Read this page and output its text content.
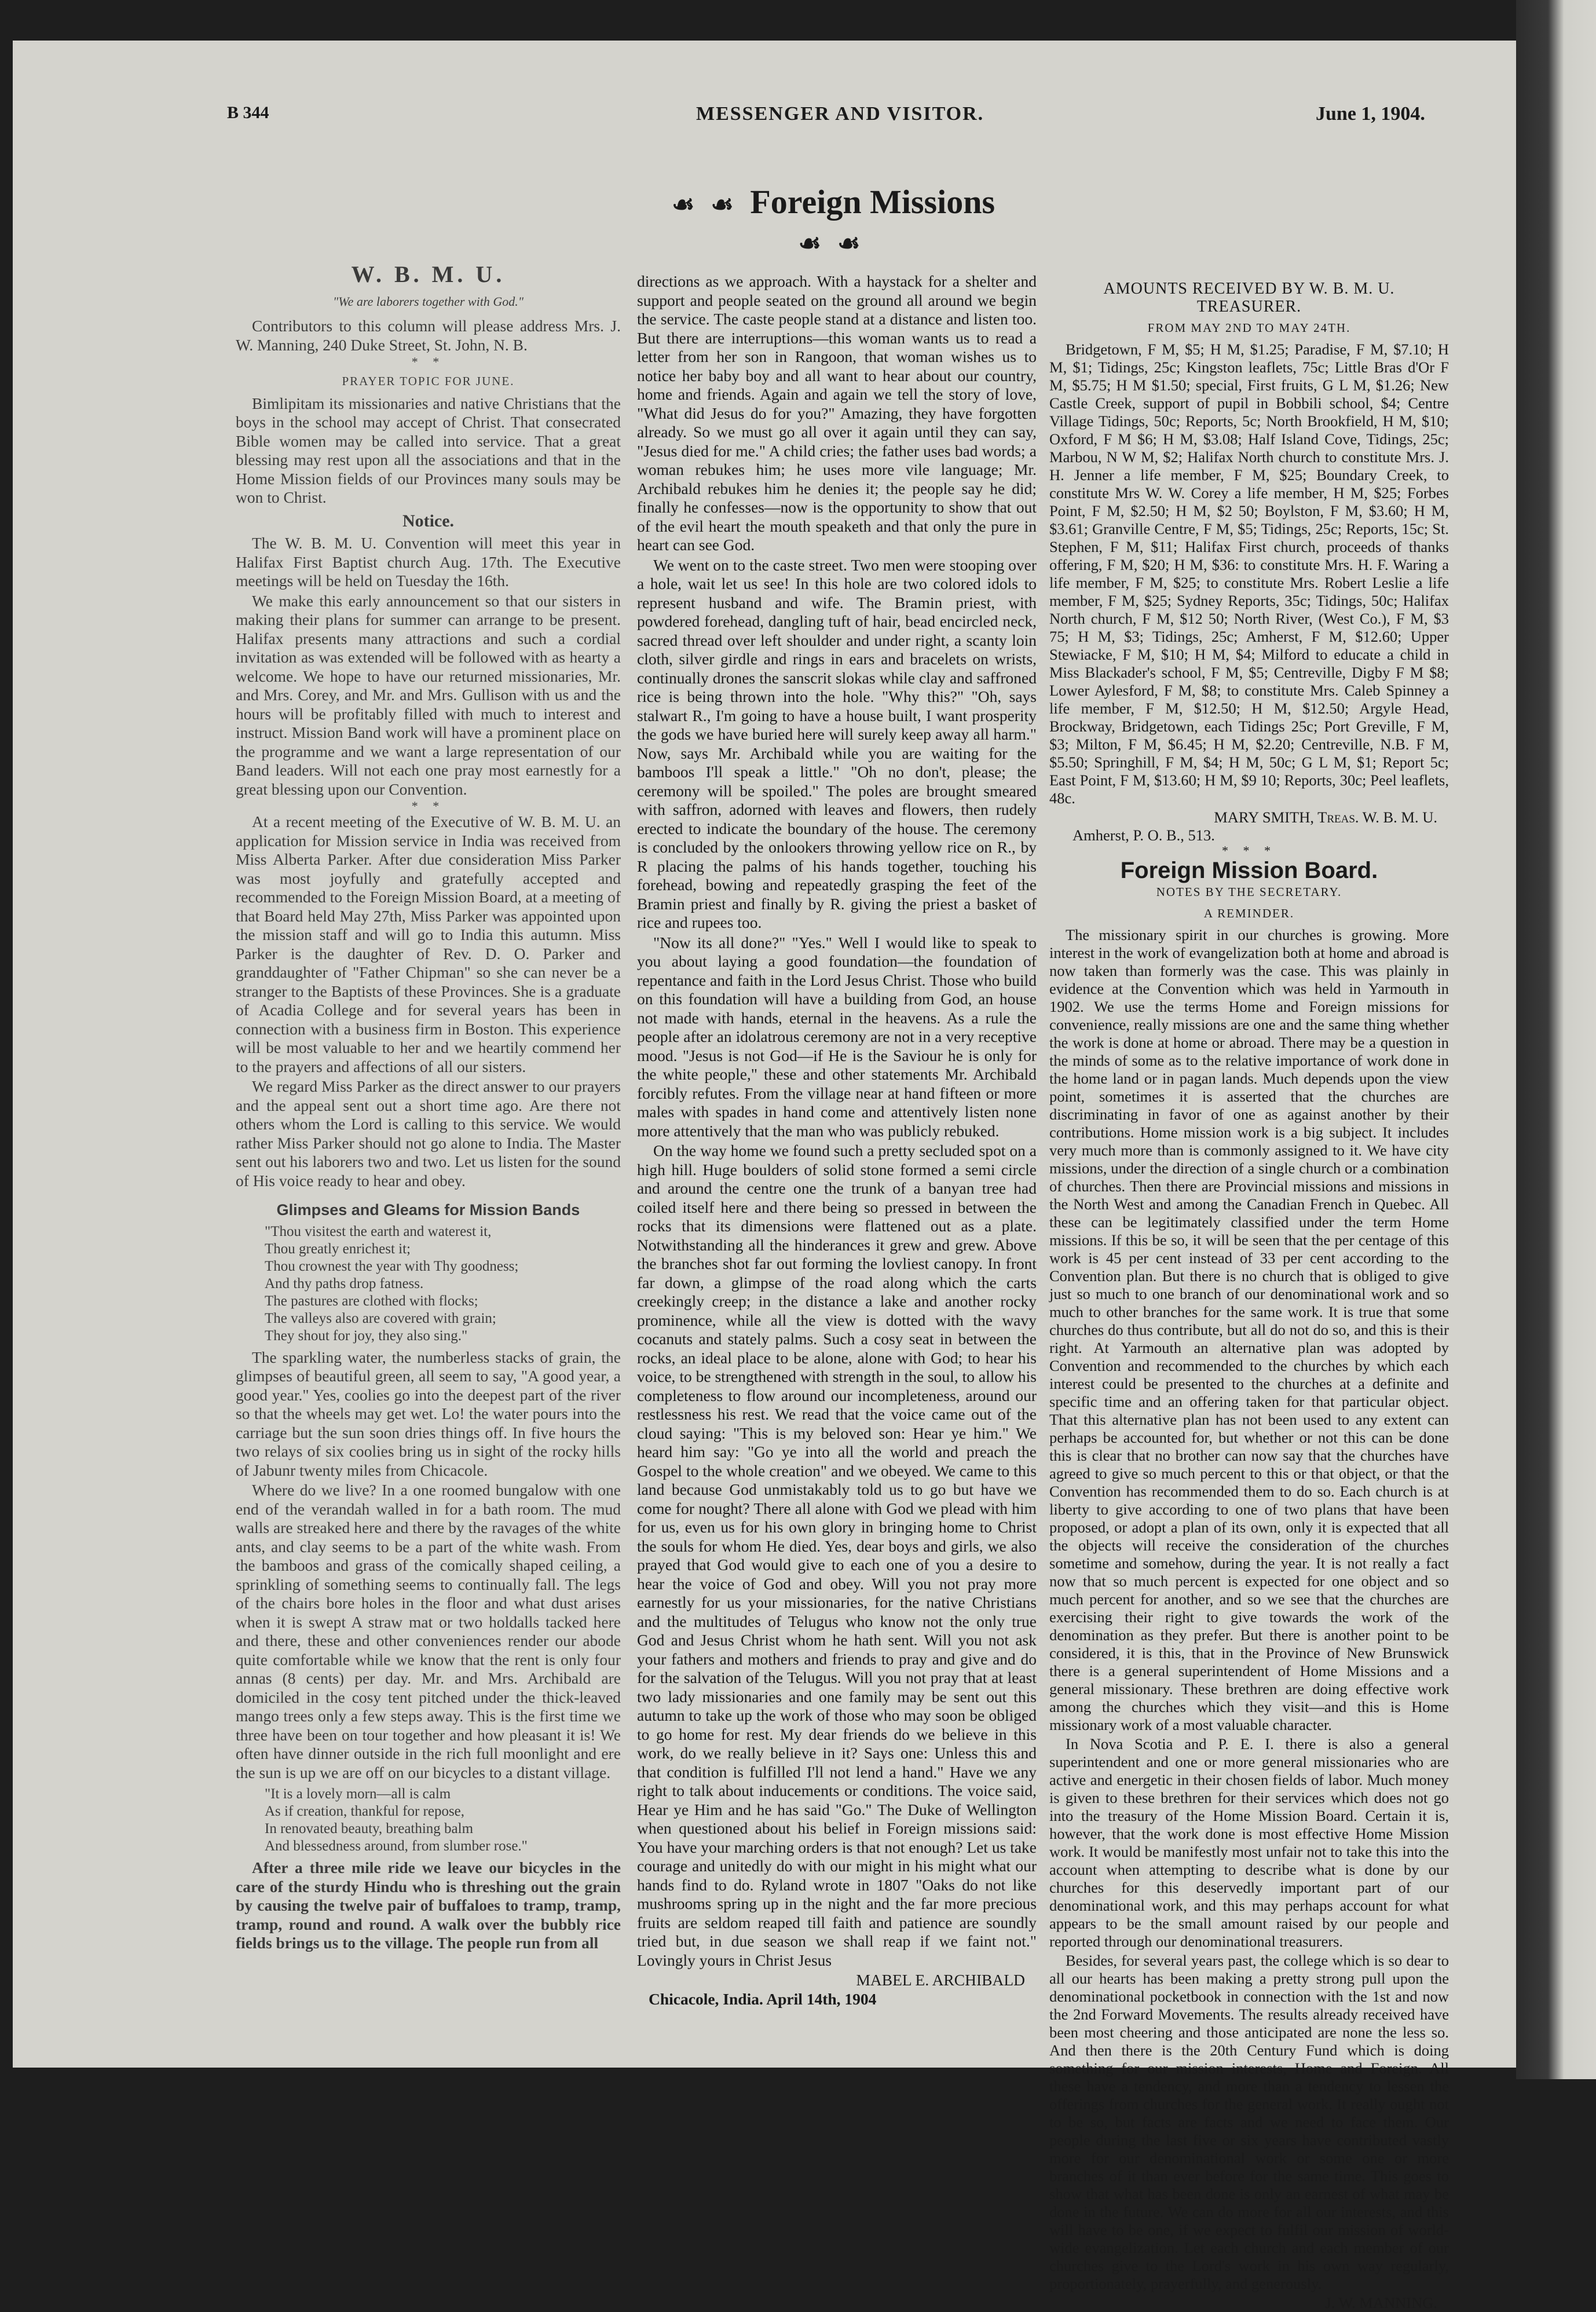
B 344	MESSENGER AND VISITOR.	June 1, 1904.
☙ ☙ Foreign Missions ☙ ☙
W. B. M. U.
"We are laborers together with God."

Contributors to this column will please address Mrs. J. W. Manning, 240 Duke Street, St. John, N. B.

* *
PRAYER TOPIC FOR JUNE.

Bimlipitam its missionaries and native Christians that the boys in the school may accept of Christ. That consecrated Bible women may be called into service. That a great blessing may rest upon all the associations and that in the Home Mission fields of our Provinces many souls may be won to Christ.

Notice.

The W. B. M. U. Convention will meet this year in Halifax First Baptist church Aug. 17th. The Executive meetings will be held on Tuesday the 16th.

We make this early announcement so that our sisters in making their plans for summer can arrange to be present. Halifax presents many attractions and such a cordial invitation as was extended will be followed with as hearty a welcome. We hope to have our returned missionaries, Mr. and Mrs. Corey, and Mr. and Mrs. Gullison with us and the hours will be profitably filled with much to interest and instruct. Mission Band work will have a prominent place on the programme and we want a large representation of our Band leaders. Will not each one pray most earnestly for a great blessing upon our Convention.

* *

At a recent meeting of the Executive of W. B. M. U. an application for Mission service in India was received from Miss Alberta Parker. After due consideration Miss Parker was most joyfully and gratefully accepted and recommended to the Foreign Mission Board, at a meeting of that Board held May 27th, Miss Parker was appointed upon the mission staff and will go to India this autumn. Miss Parker is the daughter of Rev. D. O. Parker and granddaughter of "Father Chipman" so she can never be a stranger to the Baptists of these Provinces. She is a graduate of Acadia College and for several years has been in connection with a business firm in Boston. This experience will be most valuable to her and we heartily commend her to the prayers and affections of all our sisters.

We regard Miss Parker as the direct answer to our prayers and the appeal sent out a short time ago. Are there not others whom the Lord is calling to this service. We would rather Miss Parker should not go alone to India. The Master sent out his laborers two and two. Let us listen for the sound of His voice ready to hear and obey.

Glimpses and Gleams for Mission Bands
"Thou visitest the earth and waterest it,
Thou greatly enrichest it;
Thou crownest the year with Thy goodness;
And thy paths drop fatness.
The pastures are clothed with flocks;
The valleys also are covered with grain;
They shout for joy, they also sing."

The sparkling water, the numberless stacks of grain, the glimpses of beautiful green, all seem to say, "A good year, a good year." Yes, coolies go into the deepest part of the river so that the wheels may get wet. Lo! the water pours into the carriage but the sun soon dries things off. In five hours the two relays of six coolies bring us in sight of the rocky hills of Jabunr twenty miles from Chicacole.

Where do we live? In a one roomed bungalow with one end of the verandah walled in for a bath room. The mud walls are streaked here and there by the ravages of the white ants, and clay seems to be a part of the white wash. From the bamboos and grass of the comically shaped ceiling, a sprinkling of something seems to continually fall. The legs of the chairs bore holes in the floor and what dust arises when it is swept A straw mat or two holdalls tacked here and there, these and other conveniences render our abode quite comfortable while we know that the rent is only four annas (8 cents) per day. Mr. and Mrs. Archibald are domiciled in the cosy tent pitched under the thick-leaved mango trees only a few steps away. This is the first time we three have been on tour together and how pleasant it is! We often have dinner outside in the rich full moonlight and ere the sun is up we are off on our bicycles to a distant village.

"It is a lovely morn—all is calm
As if creation, thankful for repose,
In renovated beauty, breathing balm
And blessedness around, from slumber rose."

After a three mile ride we leave our bicycles in the care of the sturdy Hindu who is threshing out the grain by causing the twelve pair of buffaloes to tramp, tramp, tramp, round and round. A walk over the bubbly rice fields brings us to the village. The people run from all

directions as we approach. With a haystack for a shelter and support and people seated on the ground all around we begin the service. The caste people stand at a distance and listen too. But there are interruptions—this woman wants us to read a letter from her son in Rangoon, that woman wishes us to notice her baby boy and all want to hear about our country, home and friends. Again and again we tell the story of love, "What did Jesus do for you?" Amazing, they have forgotten already. So we must go all over it again until they can say, "Jesus died for me." A child cries; the father uses bad words; a woman rebukes him; he uses more vile language; Mr. Archibald rebukes him he denies it; the people say he did; finally he confesses—now is the opportunity to show that out of the evil heart the mouth speaketh and that only the pure in heart can see God.

We went on to the caste street. Two men were stooping over a hole, wait let us see! In this hole are two colored idols to represent husband and wife. The Bramin priest, with powdered forehead, dangling tuft of hair, bead encircled neck, sacred thread over left shoulder and under right, a scanty loin cloth, silver girdle and rings in ears and bracelets on wrists, continually drones the sanscrit slokas while clay and saffroned rice is being thrown into the hole. "Why this?" "Oh, says stalwart R., I'm going to have a house built, I want prosperity the gods we have buried here will surely keep away all harm." Now, says Mr. Archibald while you are waiting for the bamboos I'll speak a little." "Oh no don't, please; the ceremony will be spoiled." The poles are brought smeared with saffron, adorned with leaves and flowers, then rudely erected to indicate the boundary of the house. The ceremony is concluded by the onlookers throwing yellow rice on R., by R placing the palms of his hands together, touching his forehead, bowing and repeatedly grasping the feet of the Bramin priest and finally by R. giving the priest a basket of rice and rupees too.

"Now its all done?" "Yes." Well I would like to speak to you about laying a good foundation—the foundation of repentance and faith in the Lord Jesus Christ. Those who build on this foundation will have a building from God, an house not made with hands, eternal in the heavens. As a rule the people after an idolatrous ceremony are not in a very receptive mood. "Jesus is not God—if He is the Saviour he is only for the white people," these and other statements Mr. Archibald forcibly refutes. From the village near at hand fifteen or more males with spades in hand come and attentively listen none more attentively that the man who was publicly rebuked.

On the way home we found such a pretty secluded spot on a high hill. Huge boulders of solid stone formed a semi circle and around the centre one the trunk of a banyan tree had coiled itself here and there being so pressed in between the rocks that its dimensions were flattened out as a plate. Notwithstanding all the hinderances it grew and grew. Above the branches shot far out forming the lovliest canopy. In front far down, a glimpse of the road along which the carts creekingly creep; in the distance a lake and another rocky prominence, while all the view is dotted with the wavy cocanuts and stately palms. Such a cosy seat in between the rocks, an ideal place to be alone, alone with God; to hear his voice, to be strengthened with strength in the soul, to allow his completeness to flow around our incompleteness, around our restlessness his rest. We read that the voice came out of the cloud saying: "This is my beloved son: Hear ye him." We heard him say: "Go ye into all the world and preach the Gospel to the whole creation" and we obeyed. We came to this land because God unmistakably told us to go but have we come for nought? There all alone with God we plead with him for us, even us for his own glory in bringing home to Christ the souls for whom He died. Yes, dear boys and girls, we also prayed that God would give to each one of you a desire to hear the voice of God and obey. Will you not pray more earnestly for us your missionaries, for the native Christians and the multitudes of Telugus who know not the only true God and Jesus Christ whom he hath sent. Will you not ask your fathers and mothers and friends to pray and give and do for the salvation of the Telugus. Will you not pray that at least two lady missionaries and one family may be sent out this autumn to take up the work of those who may soon be obliged to go home for rest. My dear friends do we believe in this work, do we really believe in it? Says one: Unless this and that condition is fulfilled I'll not lend a hand." Have we any right to talk about inducements or conditions. The voice said, Hear ye Him and he has said "Go." The Duke of Wellington when questioned about his belief in Foreign missions said: You have your marching orders is that not enough? Let us take courage and unitedly do with our might in his might what our hands find to do. Ryland wrote in 1807 "Oaks do not like mushrooms spring up in the night and the far more precious fruits are seldom reaped till faith and patience are soundly tried but, in due season we shall reap if we faint not." Lovingly yours in Christ Jesus

MABEL E. ARCHIBALD
Chicacole, India. April 14th, 1904
AMOUNTS RECEIVED BY W. B. M. U. TREASURER.
FROM MAY 2ND TO MAY 24TH.

Bridgetown, F M, $5; H M, $1.25; Paradise, F M, $7.10; H M, $1; Tidings, 25c; Kingston leaflets, 75c; Little Bras d'Or F M, $5.75; H M $1.50; special, First fruits, G L M, $1.26; New Castle Creek, support of pupil in Bobbili school, $4; Centre Village Tidings, 50c; Reports, 5c; North Brookfield, H M, $10; Oxford, F M $6; H M, $3.08; Half Island Cove, Tidings, 25c; Marbou, N W M, $2; Halifax North church to constitute Mrs. J. H. Jenner a life member, F M, $25; Boundary Creek, to constitute Mrs W. W. Corey a life member, H M, $25; Forbes Point, F M, $2.50; H M, $2 50; Boylston, F M, $3.60; H M, $3.61; Granville Centre, F M, $5; Tidings, 25c; Reports, 15c; St. Stephen, F M, $11; Halifax First church, proceeds of thanks offering, F M, $20; H M, $36: to constitute Mrs. H. F. Waring a life member, F M, $25; to constitute Mrs. Robert Leslie a life member, F M, $25; Sydney Reports, 35c; Tidings, 50c; Halifax North church, F M, $12 50; North River, (West Co.), F M, $3 75; H M, $3; Tidings, 25c; Amherst, F M, $12.60; Upper Stewiacke, F M, $10; H M, $4; Milford to educate a child in Miss Blackader's school, F M, $5; Centreville, Digby F M $8; Lower Aylesford, F M, $8; to constitute Mrs. Caleb Spinney a life member, F M, $12.50; H M, $12.50; Argyle Head, Brockway, Bridgetown, each Tidings 25c; Port Greville, F M, $3; Milton, F M, $6.45; H M, $2.20; Centreville, N.B. F M, $5.50; Springhill, F M, $4; H M, 50c; G L M, $1; Report 5c; East Point, F M, $13.60; H M, $9 10; Reports, 30c; Peel leaflets, 48c.

MARY SMITH, Treas. W. B. M. U.
Amherst, P. O. B., 513.
* * *
Foreign Mission Board.
NOTES BY THE SECRETARY.
A REMINDER.

The missionary spirit in our churches is growing. More interest in the work of evangelization both at home and abroad is now taken than formerly was the case. This was plainly in evidence at the Convention which was held in Yarmouth in 1902. We use the terms Home and Foreign missions for convenience, really missions are one and the same thing whether the work is done at home or abroad. There may be a question in the minds of some as to the relative importance of work done in the home land or in pagan lands. Much depends upon the view point, sometimes it is asserted that the churches are discriminating in favor of one as against another by their contributions. Home mission work is a big subject. It includes very much more than is commonly assigned to it. We have city missions, under the direction of a single church or a combination of churches. Then there are Provincial missions and missions in the North West and among the Canadian French in Quebec. All these can be legitimately classified under the term Home missions. If this be so, it will be seen that the per centage of this work is 45 per cent instead of 33 per cent according to the Convention plan. But there is no church that is obliged to give just so much to one branch of our denominational work and so much to other branches for the same work. It is true that some churches do thus contribute, but all do not do so, and this is their right. At Yarmouth an alternative plan was adopted by Convention and recommended to the churches by which each interest could be presented to the churches at a definite and specific time and an offering taken for that particular object. That this alternative plan has not been used to any extent can perhaps be accounted for, but whether or not this can be done this is clear that no brother can now say that the churches have agreed to give so much percent to this or that object, or that the Convention has recommended them to do so. Each church is at liberty to give according to one of two plans that have been proposed, or adopt a plan of its own, only it is expected that all the objects will receive the consideration of the churches sometime and somehow, during the year. It is not really a fact now that so much percent is expected for one object and so much percent for another, and so we see that the churches are exercising their right to give towards the work of the denomination as they prefer. But there is another point to be considered, it is this, that in the Province of New Brunswick there is a general superintendent of Home Missions and a general missionary. These brethren are doing effective work among the churches which they visit—and this is Home missionary work of a most valuable character.

In Nova Scotia and P. E. I. there is also a general superintendent and one or more general missionaries who are active and energetic in their chosen fields of labor. Much money is given to these brethren for their services which does not go into the treasury of the Home Mission Board. Certain it is, however, that the work done is most effective Home Mission work. It would be manifestly most unfair not to take this into the account when attempting to describe what is done by our churches for this deservedly important part of our denominational work, and this may perhaps account for what appears to be the small amount raised by our people and reported through our denominational treasurers.

Besides, for several years past, the college which is so dear to all our hearts has been making a pretty strong pull upon the denominational pocketbook in connection with the 1st and now the 2nd Forward Movements. The results already received have been most cheering and those anticipated are none the less so. And then there is the 20th Century Fund which is doing something for our mission interests, Home and Foreign. All these have a tendency, and more than a tendency to lessen the offerings from churches for the general work. It really ought not to be so, but facts are facts and we need to face them. Our people during the last five or six years have contributed vastly more for our denominational work or some one or more branches of it than ever before for the same time. This goes to show that what has been done is only an earnest of what may be done in the future. We can do more for all our interests, and this will have to be one, if we expect to fulfil our mission of world-wide evangelization. Let each church and each member of our churches give to the Lord's work in his own way regularly, proportionately, prayerfully, and generously.

J. W. MANNING.
